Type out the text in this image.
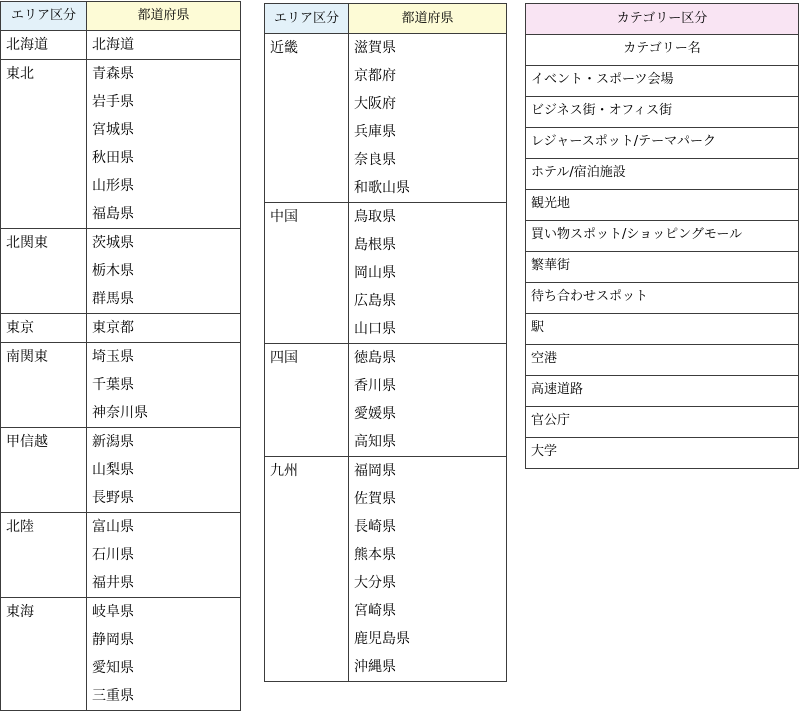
エリア区分	都道府県
北海道	北海道
東北	青森県
	岩手県
	宮城県
	秋田県
	山形県
	福島県
北関東	茨城県
	栃木県
	群馬県
東京	東京都
南関東	埼玉県
	千葉県
	神奈川県
甲信越	新潟県
	山梨県
	長野県
北陸	富山県
	石川県
	福井県
東海	岐阜県
	静岡県
	愛知県
	三重県
エリア区分	都道府県
近畿	滋賀県
	京都府
	大阪府
	兵庫県
	奈良県
	和歌山県
中国	鳥取県
	島根県
	岡山県
	広島県
	山口県
四国	徳島県
	香川県
	愛媛県
	高知県
九州	福岡県
	佐賀県
	長崎県
	熊本県
	大分県
	宮崎県
	鹿児島県
	沖縄県
カテゴリー区分
カテゴリー名
イベント・スポーツ会場
ビジネス街・オフィス街
レジャースポット/テーマパーク
ホテル/宿泊施設
観光地
買い物スポット/ショッピングモール
繁華街
待ち合わせスポット
駅
空港
高速道路
官公庁
大学
